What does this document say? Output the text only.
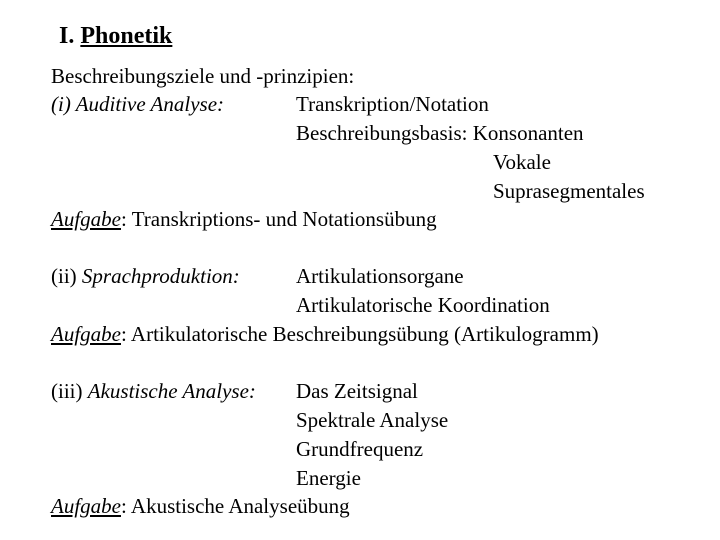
I. Phonetik
Beschreibungsziele und -prinzipien:
(i) Auditive Analyse:	Transkription/Notation
Beschreibungsbasis: Konsonanten
Vokale
Suprasegmentales
Aufgabe: Transkriptions- und Notationsübung
(ii) Sprachproduktion:	Artikulationsorgane
Artikulatorische Koordination
Aufgabe: Artikulatorische Beschreibungsübung (Artikulogramm)
(iii) Akustische Analyse: Das Zeitsignal
Spektrale Analyse
Grundfrequenz
Energie
Aufgabe: Akustische Analyseübung
